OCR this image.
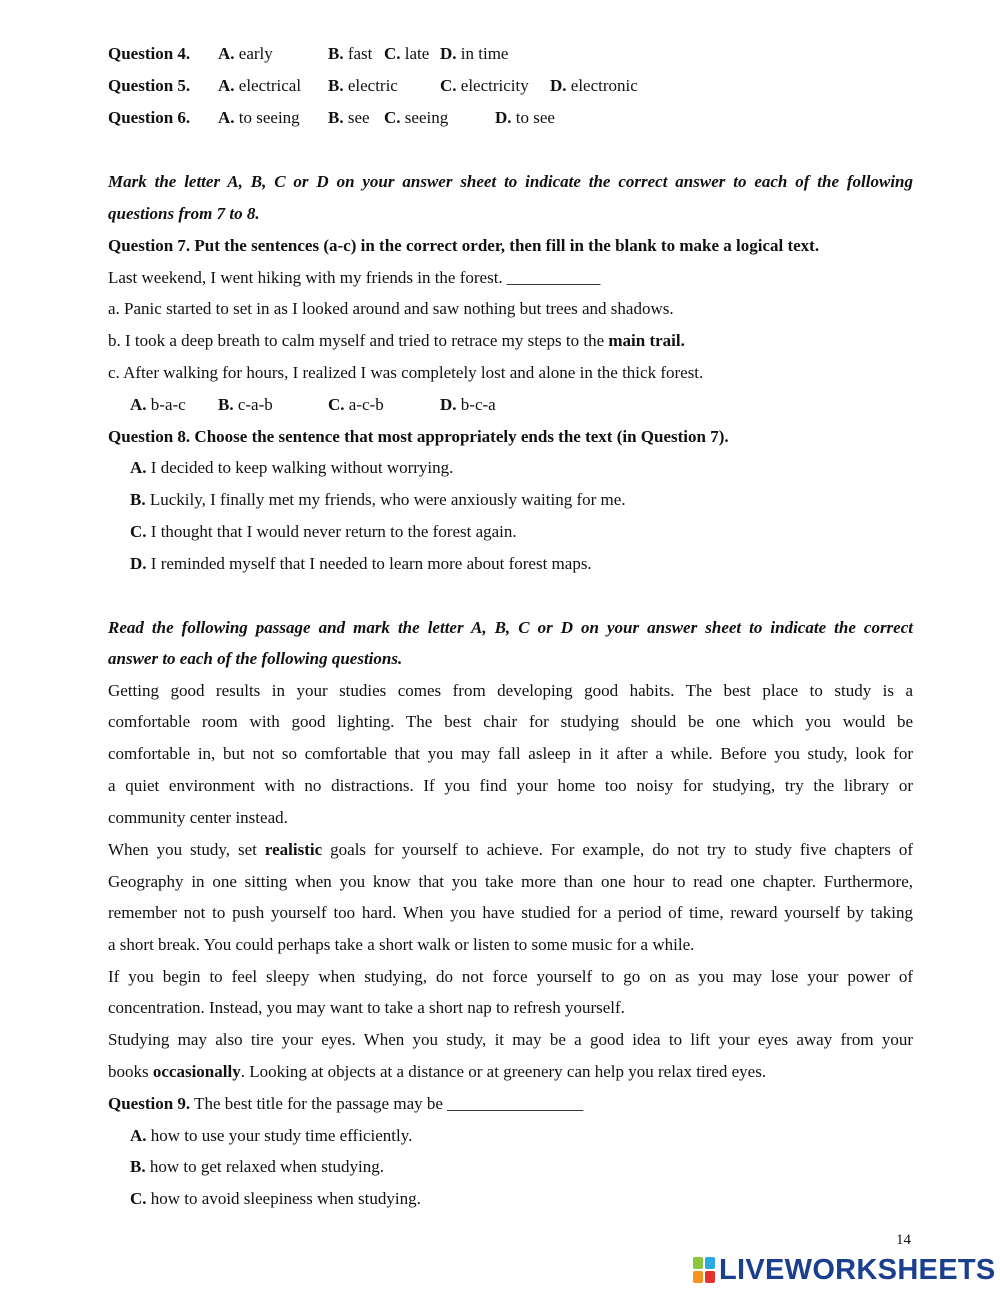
Question 4. A. early	B. fast C. late D. in time
Question 5. A. electrical B. electric C. electricity D. electronic
Question 6. A. to seeing B. see C. seeing	D. to see
Mark the letter A, B, C or D on your answer sheet to indicate the correct answer to each of the following
questions from 7 to 8.
Question 7. Put the sentences (a-c) in the correct order, then fill in the blank to make a logical text.
Last weekend, I went hiking with my friends in the forest. ___________
a. Panic started to set in as I looked around and saw nothing but trees and shadows.
b. I took a deep breath to calm myself and tried to retrace my steps to the main trail.
c. After walking for hours, I realized I was completely lost and alone in the thick forest.
A. b-a-c B. c-a-b	C. a-c-b	D. b-c-a
Question 8. Choose the sentence that most appropriately ends the text (in Question 7).
A. I decided to keep walking without worrying.
B. Luckily, I finally met my friends, who were anxiously waiting for me.
C. I thought that I would never return to the forest again.
D. I reminded myself that I needed to learn more about forest maps.
Read the following passage and mark the letter A, B, C or D on your answer sheet to indicate the correct
answer to each of the following questions.
Getting good results in your studies comes from developing good habits. The best place to study is a
comfortable room with good lighting. The best chair for studying should be one which you would be
comfortable in, but not so comfortable that you may fall asleep in it after a while. Before you study, look for
a quiet environment with no distractions. If you find your home too noisy for studying, try the library or
community center instead.
When you study, set realistic goals for yourself to achieve. For example, do not try to study five chapters of
Geography in one sitting when you know that you take more than one hour to read one chapter. Furthermore,
remember not to push yourself too hard. When you have studied for a period of time, reward yourself by taking
a short break. You could perhaps take a short walk or listen to some music for a while.
If you begin to feel sleepy when studying, do not force yourself to go on as you may lose your power of
concentration. Instead, you may want to take a short nap to refresh yourself.
Studying may also tire your eyes. When you study, it may be a good idea to lift your eyes away from your
books occasionally. Looking at objects at a distance or at greenery can help you relax tired eyes.
Question 9. The best title for the passage may be ________________
A. how to use your study time efficiently.
B. how to get relaxed when studying.
C. how to avoid sleepiness when studying.
14
LIVEWORKSHEETS
